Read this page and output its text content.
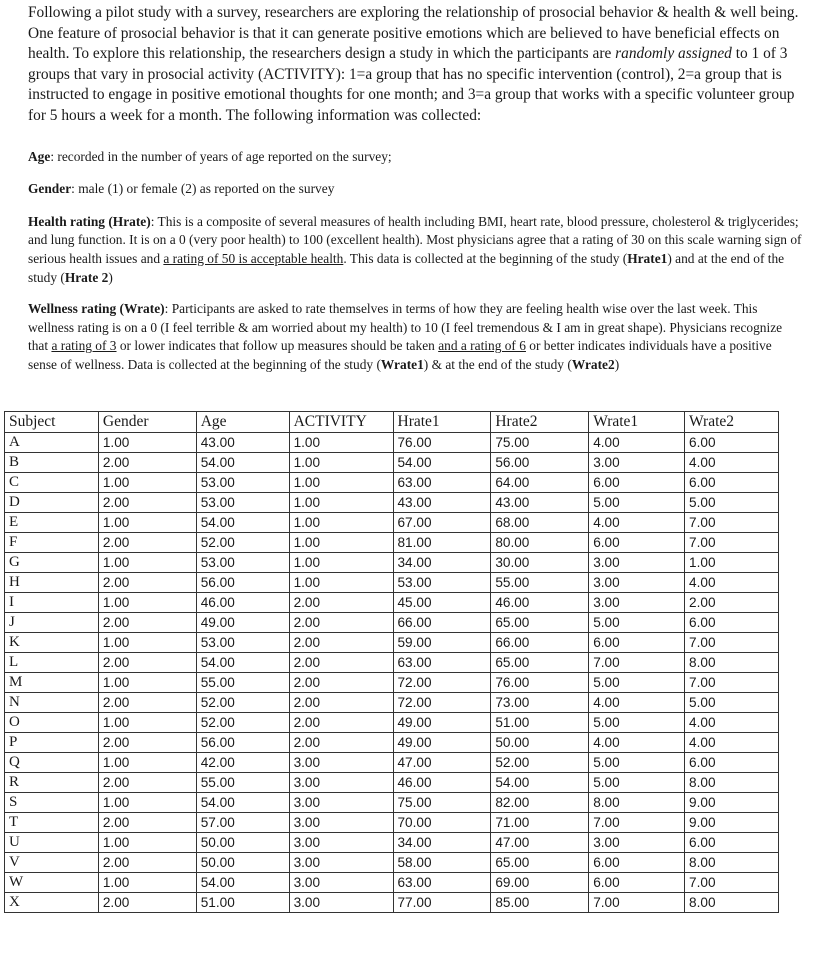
Following a pilot study with a survey, researchers are exploring the relationship of prosocial behavior & health & well being. One feature of prosocial behavior is that it can generate positive emotions which are believed to have beneficial effects on health. To explore this relationship, the researchers design a study in which the participants are randomly assigned to 1 of 3 groups that vary in prosocial activity (ACTIVITY): 1=a group that has no specific intervention (control), 2=a group that is instructed to engage in positive emotional thoughts for one month; and 3=a group that works with a specific volunteer group for 5 hours a week for a month. The following information was collected:

Age: recorded in the number of years of age reported on the survey;

Gender: male (1) or female (2) as reported on the survey

Health rating (Hrate): This is a composite of several measures of health including BMI, heart rate, blood pressure, cholesterol & triglycerides; and lung function. It is on a 0 (very poor health) to 100 (excellent health). Most physicians agree that a rating of 30 on this scale warning sign of serious health issues and a rating of 50 is acceptable health. This data is collected at the beginning of the study (Hrate1) and at the end of the study (Hrate 2)

Wellness rating (Wrate): Participants are asked to rate themselves in terms of how they are feeling health wise over the last week. This wellness rating is on a 0 (I feel terrible & am worried about my health) to 10 (I feel tremendous & I am in great shape). Physicians recognize that a rating of 3 or lower indicates that follow up measures should be taken and a rating of 6 or better indicates individuals have a positive sense of wellness. Data is collected at the beginning of the study (Wrate1) & at the end of the study (Wrate2)

Subject	Gender	Age	ACTIVITY	Hrate1	Hrate2	Wrate1	Wrate2
A	1.00	43.00	1.00	76.00	75.00	4.00	6.00
B	2.00	54.00	1.00	54.00	56.00	3.00	4.00
C	1.00	53.00	1.00	63.00	64.00	6.00	6.00
D	2.00	53.00	1.00	43.00	43.00	5.00	5.00
E	1.00	54.00	1.00	67.00	68.00	4.00	7.00
F	2.00	52.00	1.00	81.00	80.00	6.00	7.00
G	1.00	53.00	1.00	34.00	30.00	3.00	1.00
H	2.00	56.00	1.00	53.00	55.00	3.00	4.00
I	1.00	46.00	2.00	45.00	46.00	3.00	2.00
J	2.00	49.00	2.00	66.00	65.00	5.00	6.00
K	1.00	53.00	2.00	59.00	66.00	6.00	7.00
L	2.00	54.00	2.00	63.00	65.00	7.00	8.00
M	1.00	55.00	2.00	72.00	76.00	5.00	7.00
N	2.00	52.00	2.00	72.00	73.00	4.00	5.00
O	1.00	52.00	2.00	49.00	51.00	5.00	4.00
P	2.00	56.00	2.00	49.00	50.00	4.00	4.00
Q	1.00	42.00	3.00	47.00	52.00	5.00	6.00
R	2.00	55.00	3.00	46.00	54.00	5.00	8.00
S	1.00	54.00	3.00	75.00	82.00	8.00	9.00
T	2.00	57.00	3.00	70.00	71.00	7.00	9.00
U	1.00	50.00	3.00	34.00	47.00	3.00	6.00
V	2.00	50.00	3.00	58.00	65.00	6.00	8.00
W	1.00	54.00	3.00	63.00	69.00	6.00	7.00
X	2.00	51.00	3.00	77.00	85.00	7.00	8.00
